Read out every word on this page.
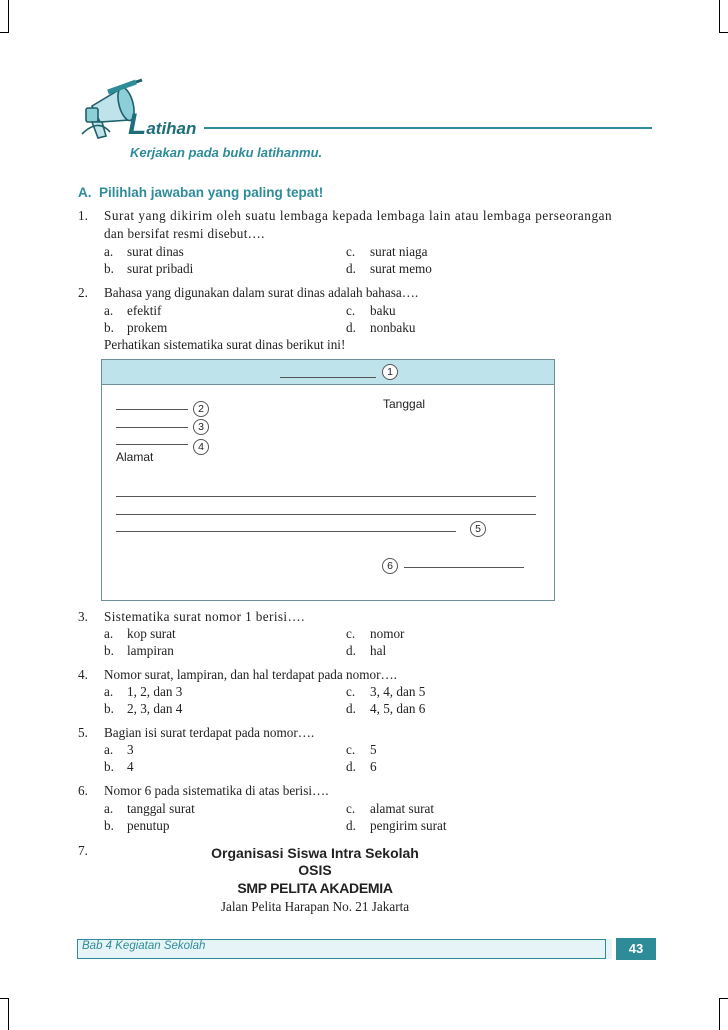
Latihan
Kerjakan pada buku latihanmu.
A. Pilihlah jawaban yang paling tepat!
1. Surat yang dikirim oleh suatu lembaga kepada lembaga lain atau lembaga perseorangan
dan bersifat resmi disebut….
a. surat dinas	c. surat niaga
b. surat pribadi	d. surat memo
2. Bahasa yang digunakan dalam surat dinas adalah bahasa….
a. efektif	c. baku
b. prokem	d. nonbaku
Perhatikan sistematika surat dinas berikut ini!
1
2
3
4
Tanggal
Alamat
5
6
3. Sistematika surat nomor 1 berisi….
a. kop surat	c. nomor
b. lampiran	d. hal
4. Nomor surat, lampiran, dan hal terdapat pada nomor….
a. 1, 2, dan 3	c. 3, 4, dan 5
b. 2, 3, dan 4	d. 4, 5, dan 6
5. Bagian isi surat terdapat pada nomor….
a. 3	c. 5
b. 4	d. 6
6. Nomor 6 pada sistematika di atas berisi….
a. tanggal surat	c. alamat surat
b. penutup	d. pengirim surat
7.	Organisasi Siswa Intra Sekolah
OSIS
SMP PELITA AKADEMIA
Jalan Pelita Harapan No. 21 Jakarta
Bab 4 Kegiatan Sekolah	43
